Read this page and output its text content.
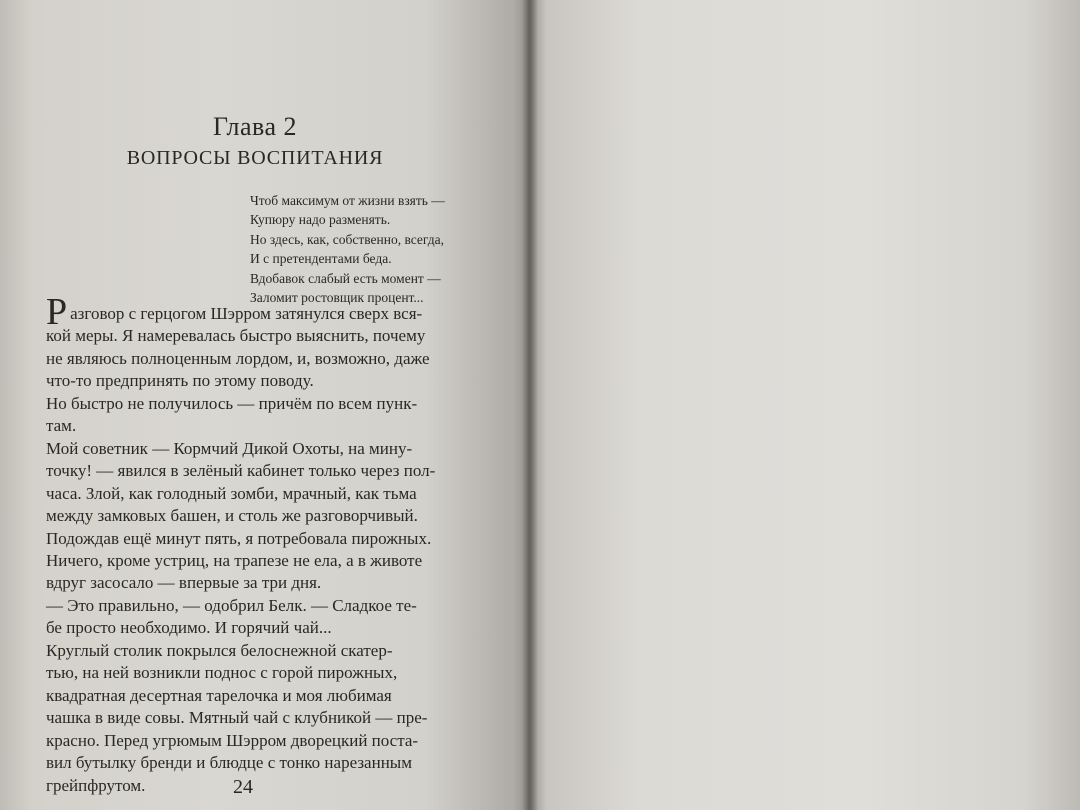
Глава 2
ВОПРОСЫ ВОСПИТАНИЯ
Чтоб максимум от жизни взять —
Купюру надо разменять.
Но здесь, как, собственно, всегда,
И с претендентами беда.
Вдобавок слабый есть момент —
Заломит ростовщик процент...
Р азговор с герцогом Шэрром затянулся сверх вся-
кой меры. Я намеревалась быстро выяснить, почему
не являюсь полноценным лордом, и, возможно, даже
что-то предпринять по этому поводу.
Но быстро не получилось — причём по всем пунк-
там.
Мой советник — Кормчий Дикой Охоты, на мину-
точку! — явился в зелёный кабинет только через пол-
часа. Злой, как голодный зомби, мрачный, как тьма
между замковых башен, и столь же разговорчивый.
Подождав ещё минут пять, я потребовала пирожных.
Ничего, кроме устриц, на трапезе не ела, а в животе
вдруг засосало — впервые за три дня.
— Это правильно, — одобрил Белк. — Сладкое те-
бе просто необходимо. И горячий чай...
Круглый столик покрылся белоснежной скатер-
тью, на ней возникли поднос с горой пирожных,
квадратная десертная тарелочка и моя любимая
чашка в виде совы. Мятный чай с клубникой — пре-
красно. Перед угрюмым Шэрром дворецкий поста-
вил бутылку бренди и блюдце с тонко нарезанным
грейпфрутом.	24
